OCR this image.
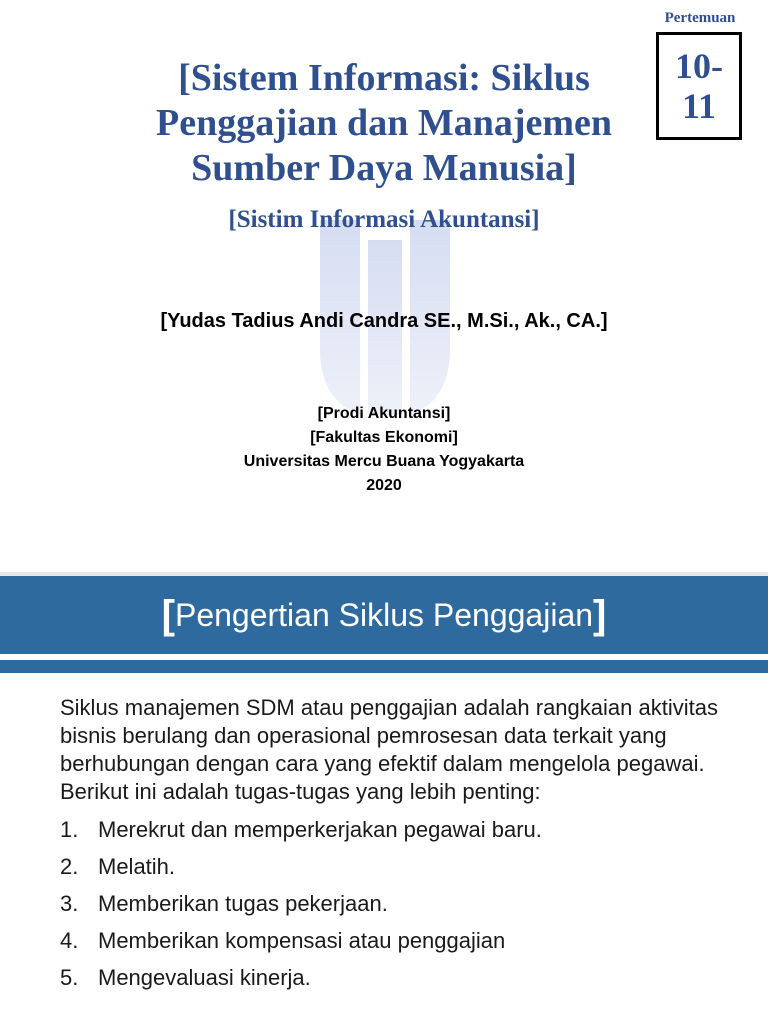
Pertemuan
10-
11
[Sistem Informasi: Siklus
Penggajian dan Manajemen
Sumber Daya Manusia]
[Sistim Informasi Akuntansi]
[Yudas Tadius Andi Candra SE., M.Si., Ak., CA.]
[Prodi Akuntansi]
[Fakultas Ekonomi]
Universitas Mercu Buana Yogyakarta
2020
[Pengertian Siklus Penggajian]

Siklus manajemen SDM atau penggajian adalah rangkaian aktivitas bisnis berulang dan operasional pemrosesan data terkait yang berhubungan dengan cara yang efektif dalam mengelola pegawai. Berikut ini adalah tugas-tugas yang lebih penting:

1. Merekrut dan memperkerjakan pegawai baru.
2. Melatih.
3. Memberikan tugas pekerjaan.
4. Memberikan kompensasi atau penggajian
5. Mengevaluasi kinerja.
